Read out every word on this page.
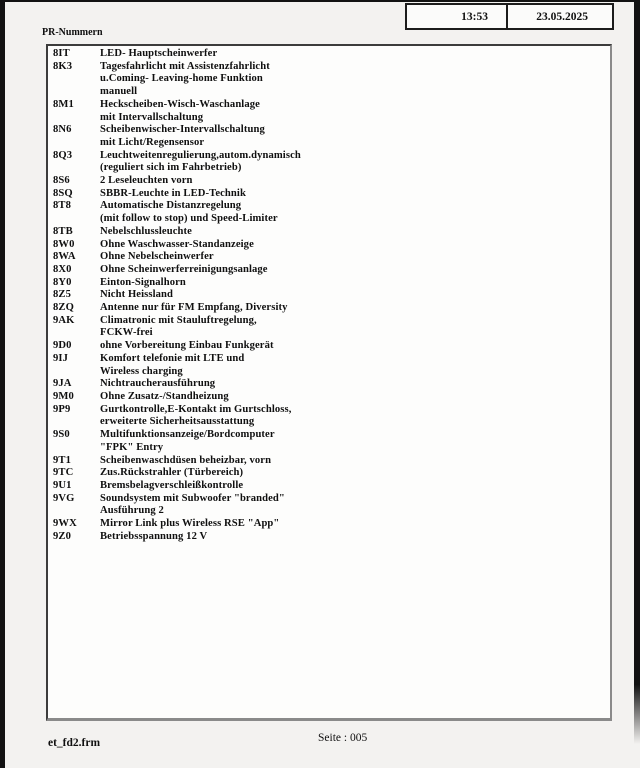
13:53	23.05.2025
PR-Nummern
8IT	LED- Hauptscheinwerfer
8K3	Tagesfahrlicht mit Assistenzfahrlicht
u.Coming- Leaving-home Funktion
manuell
8M1	Heckscheiben-Wisch-Waschanlage
mit Intervallschaltung
8N6	Scheibenwischer-Intervallschaltung
mit Licht/Regensensor
8Q3	Leuchtweitenregulierung,autom.dynamisch
(reguliert sich im Fahrbetrieb)
8S6	2 Leseleuchten vorn
8SQ	SBBR-Leuchte in LED-Technik
8T8	Automatische Distanzregelung
(mit follow to stop) und Speed-Limiter
8TB	Nebelschlussleuchte
8W0	Ohne Waschwasser-Standanzeige
8WA	Ohne Nebelscheinwerfer
8X0	Ohne Scheinwerferreinigungsanlage
8Y0	Einton-Signalhorn
8Z5	Nicht Heissland
8ZQ	Antenne nur für FM Empfang, Diversity
9AK	Climatronic mit Stauluftregelung,
FCKW-frei
9D0	ohne Vorbereitung Einbau Funkgerät
9IJ	Komfort telefonie mit LTE und
Wireless charging
9JA	Nichtraucherausführung
9M0	Ohne Zusatz-/Standheizung
9P9	Gurtkontrolle,E-Kontakt im Gurtschloss,
erweiterte Sicherheitsausstattung
9S0	Multifunktionsanzeige/Bordcomputer
"FPK" Entry
9T1	Scheibenwaschdüsen beheizbar, vorn
9TC	Zus.Rückstrahler (Türbereich)
9U1	Bremsbelagverschleißkontrolle
9VG	Soundsystem mit Subwoofer "branded"
Ausführung 2
9WX	Mirror Link plus Wireless RSE "App"
9Z0	Betriebsspannung 12 V
et_fd2.frm	Seite : 005
